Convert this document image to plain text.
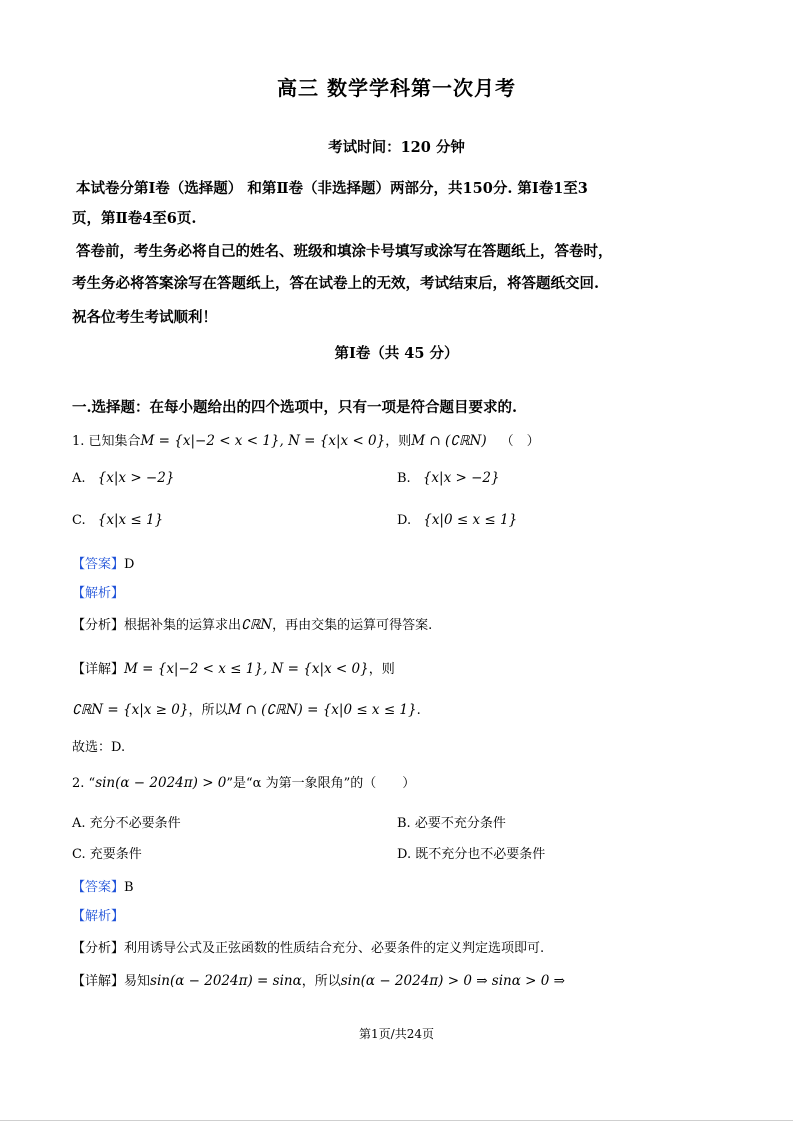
高三 数学学科第一次月考
考试时间：120 分钟
本试卷分第Ⅰ卷（选择题） 和第Ⅱ卷（非选择题）两部分，共150分. 第Ⅰ卷1至3
页，第Ⅱ卷4至6页.
答卷前，考生务必将自己的姓名、班级和填涂卡号填写或涂写在答题纸上，答卷时，
考生务必将答案涂写在答题纸上，答在试卷上的无效，考试结束后，将答题纸交回.
祝各位考生考试顺利！
第Ⅰ卷（共 45 分）
一.选择题：在每小题给出的四个选项中，只有一项是符合题目要求的.
1. 已知集合M = {x|−2 < x < 1}, N = {x|x < 0}，则M ∩ (∁ℝN) （　）
A. {x|x > −2}	B. {x|x > −2}
C. {x|x ≤ 1}	D. {x|0 ≤ x ≤ 1}
【答案】D
【解析】
【分析】根据补集的运算求出∁ℝN，再由交集的运算可得答案.
【详解】M = {x|−2 < x ≤ 1}, N = {x|x < 0}，则
∁ℝN = {x|x ≥ 0}，所以M ∩ (∁ℝN) = {x|0 ≤ x ≤ 1}.
故选：D.
2. “sin(α − 2024π) > 0”是“α 为第一象限角”的（　　）
A. 充分不必要条件	B. 必要不充分条件
C. 充要条件	D. 既不充分也不必要条件
【答案】B
【解析】
【分析】利用诱导公式及正弦函数的性质结合充分、必要条件的定义判定选项即可.
【详解】易知sin(α − 2024π) = sinα，所以sin(α − 2024π) > 0 ⇒ sinα > 0 ⇒
第1页/共24页
